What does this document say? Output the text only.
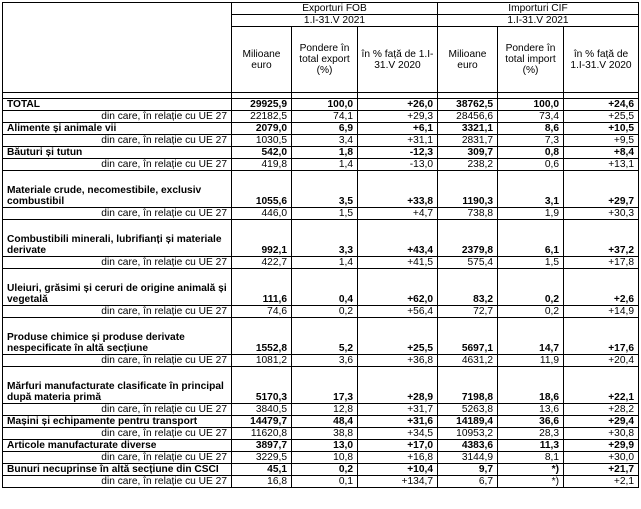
	Exporturi FOB			Importuri CIF		
	1.I-31.V 2021			1.I-31.V 2021		
	Milioane euro	Pondere în total export (%)	în % față de 1.I-31.V 2020	Milioane euro	Pondere în total import (%)	în % față de 1.I-31.V 2020

TOTAL	29925,9	100,0	+26,0	38762,5	100,0	+24,6
din care, în relație cu UE 27	22182,5	74,1	+29,3	28456,6	73,4	+25,5
Alimente și animale vii	2079,0	6,9	+6,1	3321,1	8,6	+10,5
din care, în relație cu UE 27	1030,5	3,4	+31,1	2831,7	7,3	+9,5
Băuturi și tutun	542,0	1,8	-12,3	309,7	0,8	+8,4
din care, în relație cu UE 27	419,8	1,4	-13,0	238,2	0,6	+13,1
Materiale crude, necomestibile, exclusiv combustibil	1055,6	3,5	+33,8	1190,3	3,1	+29,7
din care, în relație cu UE 27	446,0	1,5	+4,7	738,8	1,9	+30,3
Combustibili minerali, lubrifianți și materiale derivate	992,1	3,3	+43,4	2379,8	6,1	+37,2
din care, în relație cu UE 27	422,7	1,4	+41,5	575,4	1,5	+17,8
Uleiuri, grăsimi și ceruri de origine animală și vegetală	111,6	0,4	+62,0	83,2	0,2	+2,6
din care, în relație cu UE 27	74,6	0,2	+56,4	72,7	0,2	+14,9
Produse chimice și produse derivate nespecificate în altă secțiune	1552,8	5,2	+25,5	5697,1	14,7	+17,6
din care, în relație cu UE 27	1081,2	3,6	+36,8	4631,2	11,9	+20,4
Mărfuri manufacturate clasificate în principal după materia primă	5170,3	17,3	+28,9	7198,8	18,6	+22,1
din care, în relație cu UE 27	3840,5	12,8	+31,7	5263,8	13,6	+28,2
Mașini și echipamente pentru transport	14479,7	48,4	+31,6	14189,4	36,6	+29,4
din care, în relație cu UE 27	11620,8	38,8	+34,5	10953,2	28,3	+30,8
Articole manufacturate diverse	3897,7	13,0	+17,0	4383,6	11,3	+29,9
din care, în relație cu UE 27	3229,5	10,8	+16,8	3144,9	8,1	+30,0
Bunuri necuprinse în altă secțiune din CSCI	45,1	0,2	+10,4	9,7	*)	+21,7
din care, în relație cu UE 27	16,8	0,1	+134,7	6,7	*)	+2,1
